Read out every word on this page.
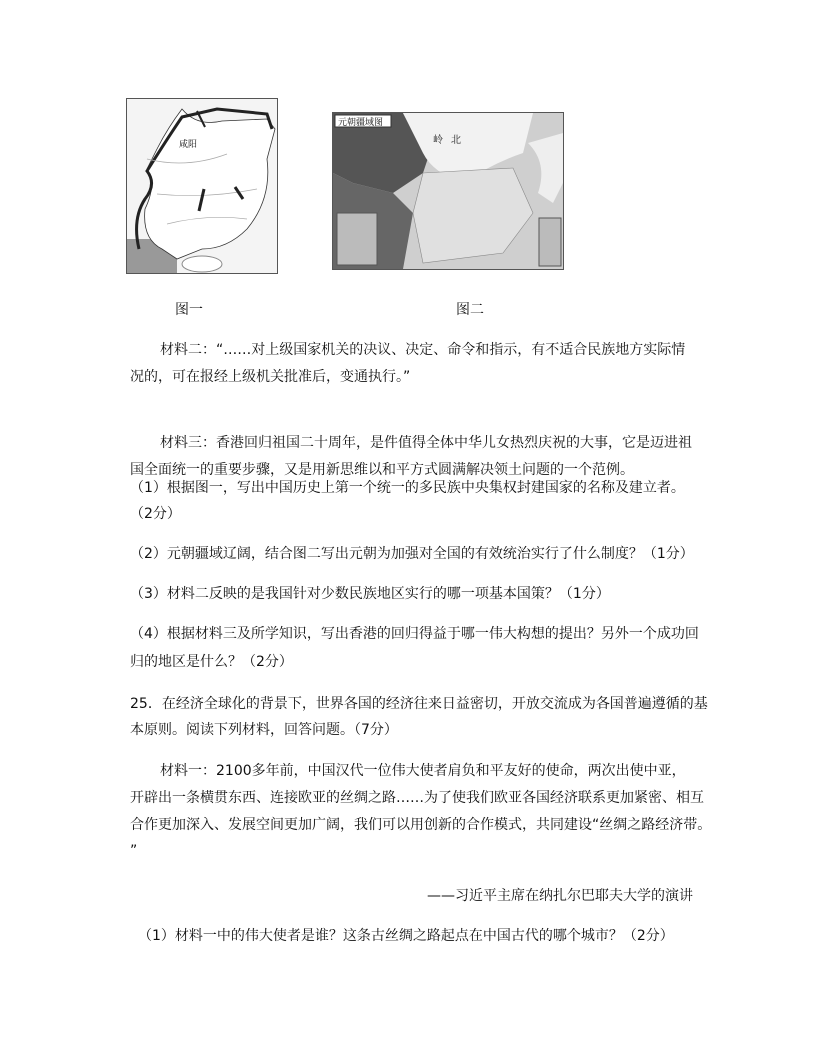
咸阳
图一
元朝疆域图
岭北
图二
材料二：“……对上级国家机关的决议、决定、命令和指示，有不适合民族地方实际情
况的，可在报经上级机关批准后，变通执行。”
材料三：香港回归祖国二十周年，是件值得全体中华儿女热烈庆祝的大事，它是迈进祖
国全面统一的重要步骤，又是用新思维以和平方式圆满解决领土问题的一个范例。
（1）根据图一，写出中国历史上第一个统一的多民族中央集权封建国家的名称及建立者。
（2分）
（2）元朝疆域辽阔，结合图二写出元朝为加强对全国的有效统治实行了什么制度？（1分）
（3）材料二反映的是我国针对少数民族地区实行的哪一项基本国策？（1分）
（4）根据材料三及所学知识，写出香港的回归得益于哪一伟大构想的提出？另外一个成功回
归的地区是什么？（2分）
25．在经济全球化的背景下，世界各国的经济往来日益密切，开放交流成为各国普遍遵循的基
本原则。阅读下列材料，回答问题。（7分）
材料一：2100多年前，中国汉代一位伟大使者肩负和平友好的使命，两次出使中亚，
开辟出一条横贯东西、连接欧亚的丝绸之路……为了使我们欧亚各国经济联系更加紧密、相互
合作更加深入、发展空间更加广阔，我们可以用创新的合作模式，共同建设“丝绸之路经济带。
”
——习近平主席在纳扎尔巴耶夫大学的演讲
（1）材料一中的伟大使者是谁？这条古丝绸之路起点在中国古代的哪个城市？（2分）
